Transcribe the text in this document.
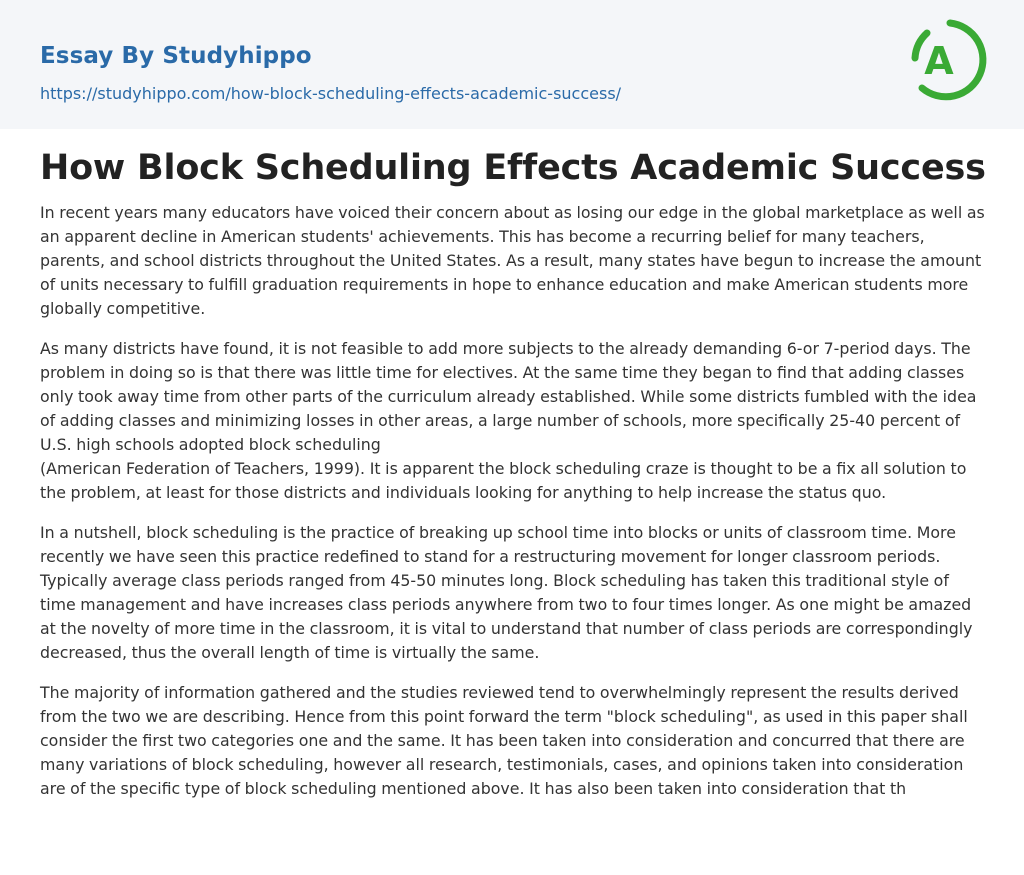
Essay By Studyhippo
https://studyhippo.com/how-block-scheduling-effects-academic-success/
A
How Block Scheduling Effects Academic Success

In recent years many educators have voiced their concern about as losing our edge in the global marketplace as well as an apparent decline in American students' achievements. This has become a recurring belief for many teachers, parents, and school districts throughout the United States. As a result, many states have begun to increase the amount of units necessary to fulfill graduation requirements in hope to enhance education and make American students more globally competitive.

As many districts have found, it is not feasible to add more subjects to the already demanding 6-or 7-period days. The problem in doing so is that there was little time for electives. At the same time they began to find that adding classes only took away time from other parts of the curriculum already established. While some districts fumbled with the idea of adding classes and minimizing losses in other areas, a large number of schools, more specifically 25-40 percent of U.S. high schools adopted block scheduling
(American Federation of Teachers, 1999). It is apparent the block scheduling craze is thought to be a fix all solution to the problem, at least for those districts and individuals looking for anything to help increase the status quo.

In a nutshell, block scheduling is the practice of breaking up school time into blocks or units of classroom time. More recently we have seen this practice redefined to stand for a restructuring movement for longer classroom periods. Typically average class periods ranged from 45-50 minutes long. Block scheduling has taken this traditional style of time management and have increases class periods anywhere from two to four times longer. As one might be amazed at the novelty of more time in the classroom, it is vital to understand that number of class periods are correspondingly decreased, thus the overall length of time is virtually the same.

The majority of information gathered and the studies reviewed tend to overwhelmingly represent the results derived from the two we are describing. Hence from this point forward the term "block scheduling", as used in this paper shall consider the first two categories one and the same. It has been taken into consideration and concurred that there are many variations of block scheduling, however all research, testimonials, cases, and opinions taken into consideration are of the specific type of block scheduling mentioned above. It has also been taken into consideration that th
